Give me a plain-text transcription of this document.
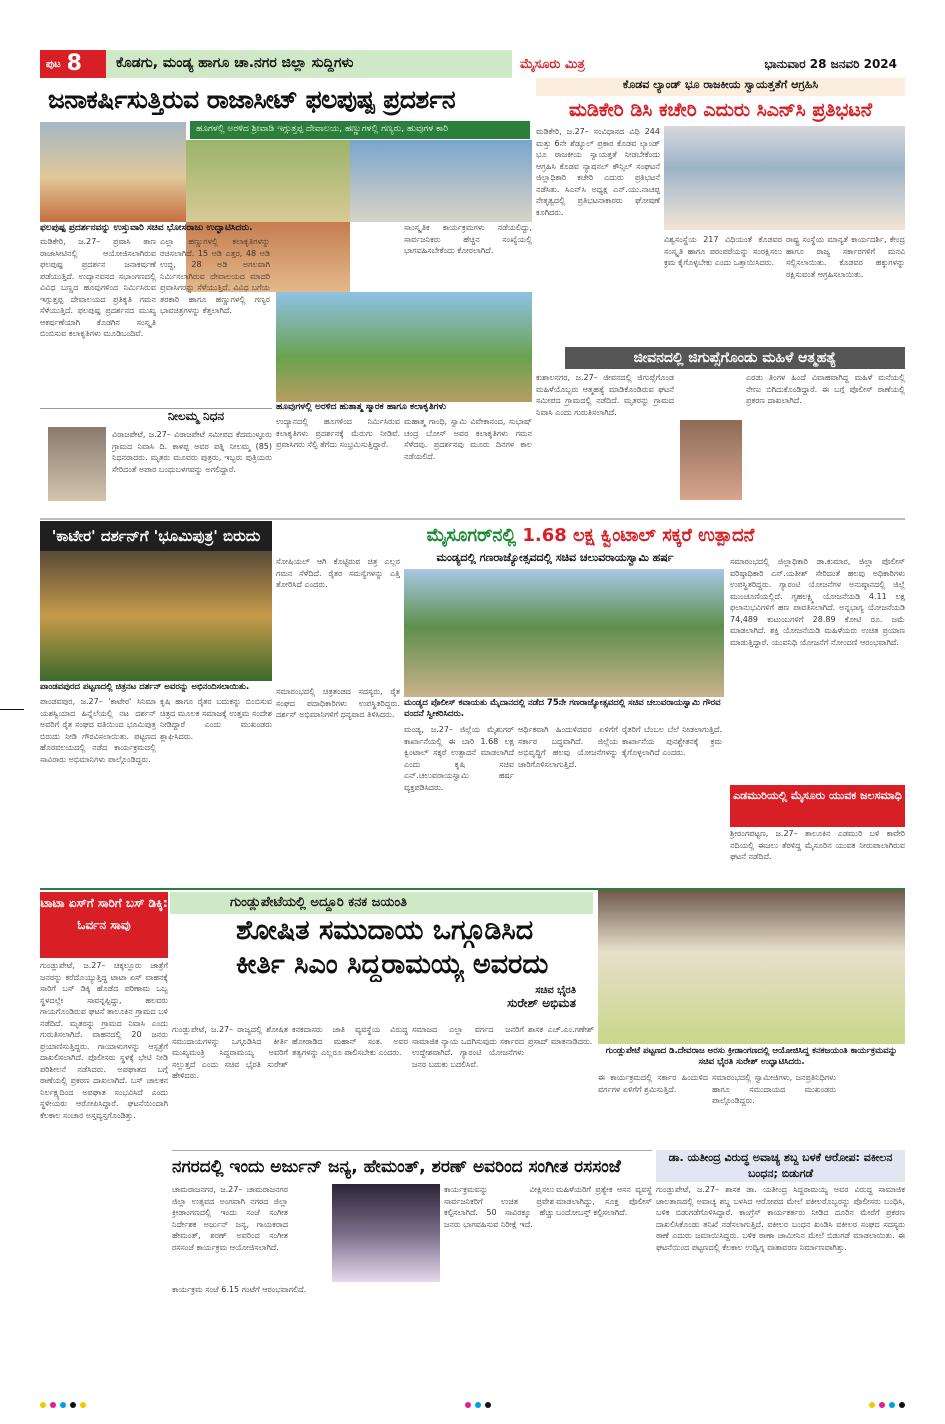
ಪುಟ 8	ಕೊಡಗು, ಮಂಡ್ಯ ಹಾಗೂ ಚಾ.ನಗರ ಜಿಲ್ಲಾ ಸುದ್ದಿಗಳು	ಮೈಸೂರು ಮಿತ್ರ	ಭಾನುವಾರ 28 ಜನವರಿ 2024
ಜನಾಕರ್ಷಿಸುತ್ತಿರುವ ರಾಜಾಸೀಟ್ ಫಲಪುಷ್ಪ ಪ್ರದರ್ಶನ
ಹೂಗಳಲ್ಲಿ ಅರಳಿದ ಶ್ರೀವಾಡಿ ಇಗ್ಗುತ್ತಪ್ಪ ದೇವಾಲಯ, ಹಣ್ಣುಗಳಲ್ಲಿ ಗಣ್ಯರು, ಹುವುಗಳ ಕಾರಿ
ಫಲಪುಷ್ಪ ಪ್ರದರ್ಶನವನ್ನು ಉಸ್ತುವಾರಿ ಸಚಿವ ಭೋಸರಾಜು ಉದ್ಘಾಟಿಸಿದರು.
ಹೂವುಗಳಲ್ಲಿ ಅರಳಿದ ಹುತಾತ್ಮ ಸ್ಮಾರಕ ಹಾಗೂ ಕಲಾಕೃತಿಗಳು
ಮಡಿಕೇರಿ, ಜ.27– ಪ್ರವಾಸಿ ತಾಣ ರಾಜಾಸೀಟಿನಲ್ಲಿ ಆಯೋಜಿಸಲಾಗಿರುವ ಫಲಪುಷ್ಪ ಪ್ರದರ್ಶನ ಜನಾಕರ್ಷಣೆ ಪಡೆಯುತ್ತಿದೆ. ಉದ್ಯಾನವನದ ಸಭಾಂಗಣದಲ್ಲಿ ವಿವಿಧ ಬಣ್ಣದ ಹೂವುಗಳಿಂದ ನಿರ್ಮಿಸಿರುವ ಇಗ್ಗುತ್ತಪ್ಪ ದೇವಾಲಯದ ಪ್ರತಿಕೃತಿ ಗಮನ ಸೆಳೆಯುತ್ತಿದೆ. ಫಲಪುಷ್ಪ ಪ್ರದರ್ಶನದ ಮುಖ್ಯ ಆಕರ್ಷಣೆಯಾಗಿ ಕೊಡಗಿನ ಸಂಸ್ಕೃತಿ ಬಿಂಬಿಸುವ ಕಲಾಕೃತಿಗಳು ಮೂಡಿಬಂದಿವೆ.
ಎಲ್ಲಾ ಹಣ್ಣುಗಳಲ್ಲಿ ಕಲಾಕೃತಿಗಳನ್ನು ರಚಿಸಲಾಗಿದೆ. 15 ಅಡಿ ಎತ್ತರ, 48 ಅಡಿ ಉದ್ದ, 28 ಅಡಿ ಅಗಲವಾಗಿ ನಿರ್ಮಿಸಲಾಗಿರುವ ದೇವಾಲಯದ ಮಾದರಿ ಪ್ರವಾಸಿಗರನ್ನು ಸೆಳೆಯುತ್ತಿದೆ. ವಿವಿಧ ಬಗೆಯ ತರಕಾರಿ ಹಾಗೂ ಹಣ್ಣುಗಳಲ್ಲಿ ಗಣ್ಯರ ಭಾವಚಿತ್ರಗಳನ್ನು ಕೆತ್ತಲಾಗಿದೆ.
ಉದ್ಯಾನದಲ್ಲಿ ಹೂಗಳಿಂದ ನಿರ್ಮಿಸಿರುವ ಕಲಾಕೃತಿಗಳು ಪ್ರದರ್ಶನಕ್ಕೆ ಮೆರುಗು ನೀಡಿವೆ. ಪ್ರವಾಸಿಗರು ಸೆಲ್ಫಿ ತೆಗೆದು ಸಂಭ್ರಮಿಸುತ್ತಿದ್ದಾರೆ.
ಮಹಾತ್ಮ ಗಾಂಧಿ, ಸ್ವಾಮಿ ವಿವೇಕಾನಂದ, ಸುಭಾಷ್ ಚಂದ್ರ ಬೋಸ್ ಅವರ ಕಲಾಕೃತಿಗಳು ಗಮನ ಸೆಳೆದವು. ಪ್ರದರ್ಶನವು ಮೂರು ದಿನಗಳ ಕಾಲ ನಡೆಯಲಿದೆ.
ಸಾಂಸ್ಕೃತಿಕ ಕಾರ್ಯಕ್ರಮಗಳು ನಡೆಯಲಿದ್ದು, ಸಾರ್ವಜನಿಕರು ಹೆಚ್ಚಿನ ಸಂಖ್ಯೆಯಲ್ಲಿ ಭಾಗವಹಿಸಬೇಕೆಂದು ಕೋರಲಾಗಿದೆ.
ನೀಲಮ್ಮ ನಿಧನ
ವಿರಾಜಪೇಟೆ, ಜ.27– ವಿರಾಜಪೇಟೆ ಸಮೀಪದ ಕೆದಮುಳ್ಳೂರು ಗ್ರಾಮದ ನಿವಾಸಿ ದಿ. ಕಾಳಪ್ಪ ಅವರ ಪತ್ನಿ ನೀಲಮ್ಮ (85) ನಿಧನರಾದರು. ಮೃತರು ಮೂವರು ಪುತ್ರರು, ಇಬ್ಬರು ಪುತ್ರಿಯರು ಸೇರಿದಂತೆ ಅಪಾರ ಬಂಧುಬಳಗವನ್ನು ಅಗಲಿದ್ದಾರೆ.
ಕೊಡವ ಲ್ಯಾಂಡ್ ಭೂ ರಾಜಕೀಯ ಸ್ವಾಯತ್ತತೆಗೆ ಆಗ್ರಹಿಸಿ
ಮಡಿಕೇರಿ ಡಿಸಿ ಕಚೇರಿ ಎದುರು ಸಿಎನ್‌ಸಿ ಪ್ರತಿಭಟನೆ
ಮಡಿಕೇರಿ, ಜ.27– ಸಂವಿಧಾನದ ವಿಧಿ 244 ಮತ್ತು 6ನೇ ಶೆಡ್ಯೂಲ್ ಪ್ರಕಾರ ಕೊಡವ ಲ್ಯಾಂಡ್ ಭೂ ರಾಜಕೀಯ ಸ್ವಾಯತ್ತತೆ ನೀಡಬೇಕೆಂದು ಆಗ್ರಹಿಸಿ ಕೊಡವ ನ್ಯಾಷನಲ್ ಕೌನ್ಸಿಲ್ ಸಂಘಟನೆ ಜಿಲ್ಲಾಧಿಕಾರಿ ಕಚೇರಿ ಎದುರು ಪ್ರತಿಭಟನೆ ನಡೆಸಿತು. ಸಿಎನ್‌ಸಿ ಅಧ್ಯಕ್ಷ ಎನ್.ಯು.ನಾಚಪ್ಪ ನೇತೃತ್ವದಲ್ಲಿ ಪ್ರತಿಭಟನಾಕಾರರು ಘೋಷಣೆ ಕೂಗಿದರು.
ವಿಶ್ವಸಂಸ್ಥೆಯ 217 ವಿಧಿಯಂತೆ ಕೊಡವರ ಸಂಸ್ಕೃತಿ ಹಾಗೂ ಪರಂಪರೆಯನ್ನು ಸಂರಕ್ಷಿಸಲು ಕ್ರಮ ಕೈಗೊಳ್ಳಬೇಕು ಎಂದು ಒತ್ತಾಯಿಸಿದರು.
ರಾಷ್ಟ್ರ ಸಂಸ್ಥೆಯ ಮಾನ್ಯತೆ ಕಾರ್ಯದರ್ಶಿ, ಕೇಂದ್ರ ಹಾಗೂ ರಾಜ್ಯ ಸರ್ಕಾರಗಳಿಗೆ ಮನವಿ ಸಲ್ಲಿಸಲಾಯಿತು. ಕೊಡವರ ಹಕ್ಕುಗಳನ್ನು ರಕ್ಷಿಸುವಂತೆ ಆಗ್ರಹಿಸಲಾಯಿತು.
ಜೀವನದಲ್ಲಿ ಜಿಗುಪ್ಸೆಗೊಂಡು ಮಹಿಳೆ ಆತ್ಮಹತ್ಯೆ
ಕುಶಾಲನಗರ, ಜ.27– ಜೀವನದಲ್ಲಿ ಜಿಗುಪ್ಸೆಗೊಂಡ ಮಹಿಳೆಯೊಬ್ಬರು ಆತ್ಮಹತ್ಯೆ ಮಾಡಿಕೊಂಡಿರುವ ಘಟನೆ ಸಮೀಪದ ಗ್ರಾಮದಲ್ಲಿ ನಡೆದಿದೆ. ಮೃತರನ್ನು ಗ್ರಾಮದ ನಿವಾಸಿ ಎಂದು ಗುರುತಿಸಲಾಗಿದೆ.
ಎರಡು ತಿಂಗಳ ಹಿಂದೆ ವಿವಾಹವಾಗಿದ್ದ ಮಹಿಳೆ ಮನೆಯಲ್ಲಿ ನೇಣು ಬಿಗಿದುಕೊಂಡಿದ್ದಾರೆ. ಈ ಬಗ್ಗೆ ಪೊಲೀಸ್ ಠಾಣೆಯಲ್ಲಿ ಪ್ರಕರಣ ದಾಖಲಾಗಿದೆ.
'ಕಾಟೇರ' ದರ್ಶನ್‌ಗೆ 'ಭೂಮಿಪುತ್ರ' ಬಿರುದು
ಪಾಂಡವಪುರದ ಪಟ್ಟಣದಲ್ಲಿ ಚಿತ್ರನಟ ದರ್ಶನ್ ಅವರನ್ನು ಅಭಿನಂದಿಸಲಾಯಿತು.
ಪಾಂಡವಪುರ, ಜ.27– 'ಕಾಟೇರ' ಸಿನಿಮಾ ಯಶಸ್ವಿಯಾದ ಹಿನ್ನೆಲೆಯಲ್ಲಿ ನಟ ದರ್ಶನ್ ಅವರಿಗೆ ರೈತ ಸಂಘದ ವತಿಯಿಂದ ಭೂಮಿಪುತ್ರ ಬಿರುದು ನೀಡಿ ಗೌರವಿಸಲಾಯಿತು. ಪಟ್ಟಣದ ಹೊರವಲಯದಲ್ಲಿ ನಡೆದ ಕಾರ್ಯಕ್ರಮದಲ್ಲಿ ಸಾವಿರಾರು ಅಭಿಮಾನಿಗಳು ಪಾಲ್ಗೊಂಡಿದ್ದರು.
ಕೃಷಿ ಹಾಗೂ ರೈತರ ಬದುಕನ್ನು ಬಿಂಬಿಸುವ ಚಿತ್ರದ ಮೂಲಕ ಸಮಾಜಕ್ಕೆ ಉತ್ತಮ ಸಂದೇಶ ನೀಡಿದ್ದಾರೆ ಎಂದು ಮುಖಂಡರು ಶ್ಲಾಘಿಸಿದರು.
ಸೋಷಿಯಲ್ ಆಗಿ ಕೊಟ್ಟಿರುವ ಚಿತ್ರ ಎಲ್ಲರ ಗಮನ ಸೆಳೆದಿದೆ. ರೈತರ ಸಮಸ್ಯೆಗಳನ್ನು ಎತ್ತಿ ತೋರಿಸಿದೆ ಎಂದರು.
ಸಮಾರಂಭದಲ್ಲಿ ಚಿತ್ರತಂಡದ ಸದಸ್ಯರು, ರೈತ ಸಂಘದ ಪದಾಧಿಕಾರಿಗಳು ಉಪಸ್ಥಿತರಿದ್ದರು. ದರ್ಶನ್ ಅಭಿಮಾನಿಗಳಿಗೆ ಧನ್ಯವಾದ ತಿಳಿಸಿದರು.
ಮೈಸೂಗರ್‌ನಲ್ಲಿ 1.68 ಲಕ್ಷ ಕ್ವಿಂಟಾಲ್ ಸಕ್ಕರೆ ಉತ್ಪಾದನೆ
ಮಂಡ್ಯದಲ್ಲಿ ಗಣರಾಜ್ಯೋತ್ಸವದಲ್ಲಿ ಸಚಿವ ಚಲುವರಾಯಸ್ವಾಮಿ ಹರ್ಷ
ಮಂಡ್ಯದ ಪೊಲೀಸ್ ಕವಾಯತು ಮೈದಾನದಲ್ಲಿ ನಡೆದ 75ನೇ ಗಣರಾಜ್ಯೋತ್ಸವದಲ್ಲಿ ಸಚಿವ ಚಲುವರಾಯಸ್ವಾಮಿ ಗೌರವ ವಂದನೆ ಸ್ವೀಕರಿಸಿದರು.
ಮಂಡ್ಯ, ಜ.27– ಜಿಲ್ಲೆಯ ಮೈಶುಗರ್ ಕಾರ್ಖಾನೆಯಲ್ಲಿ ಈ ಬಾರಿ 1.68 ಲಕ್ಷ ಕ್ವಿಂಟಾಲ್ ಸಕ್ಕರೆ ಉತ್ಪಾದನೆ ಮಾಡಲಾಗಿದೆ ಎಂದು ಕೃಷಿ ಸಚಿವ ಎನ್.ಚಲುವರಾಯಸ್ವಾಮಿ ಹರ್ಷ ವ್ಯಕ್ತಪಡಿಸಿದರು.
ಆರ್ಥಿಕವಾಗಿ ಹಿಂದುಳಿದವರ ಏಳಿಗೆಗೆ ಸರ್ಕಾರ ಬದ್ಧವಾಗಿದೆ. ಜಿಲ್ಲೆಯ ಅಭಿವೃದ್ಧಿಗೆ ಹಲವು ಯೋಜನೆಗಳನ್ನು ಜಾರಿಗೊಳಿಸಲಾಗುತ್ತಿದೆ.
ರೈತರಿಗೆ ಬೆಂಬಲ ಬೆಲೆ ನೀಡಲಾಗುತ್ತಿದೆ. ಕಾರ್ಖಾನೆಯ ಪುನಶ್ಚೇತನಕ್ಕೆ ಕ್ರಮ ಕೈಗೊಳ್ಳಲಾಗಿದೆ ಎಂದರು.
ಸಮಾರಂಭದಲ್ಲಿ ಜಿಲ್ಲಾಧಿಕಾರಿ ಡಾ.ಕುಮಾರ, ಜಿಲ್ಲಾ ಪೊಲೀಸ್ ವರಿಷ್ಠಾಧಿಕಾರಿ ಎನ್.ಯತೀಶ್ ಸೇರಿದಂತೆ ಹಲವು ಅಧಿಕಾರಿಗಳು ಉಪಸ್ಥಿತರಿದ್ದರು. ಗ್ಯಾರಂಟಿ ಯೋಜನೆಗಳ ಅನುಷ್ಠಾನದಲ್ಲಿ ಜಿಲ್ಲೆ ಮುಂಚೂಣಿಯಲ್ಲಿದೆ. ಗೃಹಲಕ್ಷ್ಮಿ ಯೋಜನೆಯಡಿ 4.11 ಲಕ್ಷ ಫಲಾನುಭವಿಗಳಿಗೆ ಹಣ ಪಾವತಿಸಲಾಗಿದೆ. ಅನ್ನಭಾಗ್ಯ ಯೋಜನೆಯಡಿ 74,489 ಕುಟುಂಬಗಳಿಗೆ 28.89 ಕೋಟಿ ರೂ. ಜಮೆ ಮಾಡಲಾಗಿದೆ. ಶಕ್ತಿ ಯೋಜನೆಯಡಿ ಮಹಿಳೆಯರು ಉಚಿತ ಪ್ರಯಾಣ ಮಾಡುತ್ತಿದ್ದಾರೆ. ಯುವನಿಧಿ ಯೋಜನೆಗೆ ನೋಂದಣಿ ಆರಂಭವಾಗಿದೆ.
ಎಡಮುರಿಯಲ್ಲಿ ಮೈಸೂರು ಯುವಕ ಜಲಸಮಾಧಿ
ಶ್ರೀರಂಗಪಟ್ಟಣ, ಜ.27– ತಾಲೂಕಿನ ಎಡಮುರಿ ಬಳಿ ಕಾವೇರಿ ನದಿಯಲ್ಲಿ ಈಜಲು ತೆರಳಿದ್ದ ಮೈಸೂರಿನ ಯುವಕ ನೀರುಪಾಲಾಗಿರುವ ಘಟನೆ ನಡೆದಿದೆ.
ಟಾಟಾ ಏಸ್‌ಗೆ ಸಾರಿಗೆ ಬಸ್ ಡಿಕ್ಕಿ: ಓರ್ವನ ಸಾವು
ಗುಂಡ್ಲುಪೇಟೆ, ಜ.27– ಚಿಕ್ಕಲ್ಲೂರು ಜಾತ್ರೆಗೆ ಜನರನ್ನು ಕರೆದೊಯ್ಯುತ್ತಿದ್ದ ಟಾಟಾ ಏಸ್ ವಾಹನಕ್ಕೆ ಸಾರಿಗೆ ಬಸ್ ಡಿಕ್ಕಿ ಹೊಡೆದ ಪರಿಣಾಮ ಒಬ್ಬ ಸ್ಥಳದಲ್ಲೇ ಸಾವನ್ನಪ್ಪಿದ್ದು, ಹಲವರು ಗಾಯಗೊಂಡಿರುವ ಘಟನೆ ತಾಲೂಕಿನ ಗ್ರಾಮದ ಬಳಿ ನಡೆದಿದೆ. ಮೃತರನ್ನು ಗ್ರಾಮದ ನಿವಾಸಿ ಎಂದು ಗುರುತಿಸಲಾಗಿದೆ. ವಾಹನದಲ್ಲಿ 20 ಜನರು ಪ್ರಯಾಣಿಸುತ್ತಿದ್ದರು. ಗಾಯಾಳುಗಳನ್ನು ಆಸ್ಪತ್ರೆಗೆ ದಾಖಲಿಸಲಾಗಿದೆ. ಪೊಲೀಸರು ಸ್ಥಳಕ್ಕೆ ಭೇಟಿ ನೀಡಿ ಪರಿಶೀಲನೆ ನಡೆಸಿದರು. ಅಪಘಾತದ ಬಗ್ಗೆ ಠಾಣೆಯಲ್ಲಿ ಪ್ರಕರಣ ದಾಖಲಾಗಿದೆ. ಬಸ್ ಚಾಲಕನ ನಿರ್ಲಕ್ಷ್ಯದಿಂದ ಅಪಘಾತ ಸಂಭವಿಸಿದೆ ಎಂದು ಸ್ಥಳೀಯರು ಆರೋಪಿಸಿದ್ದಾರೆ. ಘಟನೆಯಿಂದಾಗಿ ಕೆಲಕಾಲ ಸಂಚಾರ ಅಸ್ತವ್ಯಸ್ತಗೊಂಡಿತ್ತು.
ಗುಂಡ್ಲುಪೇಟೆಯಲ್ಲಿ ಅದ್ದೂರಿ ಕನಕ ಜಯಂತಿ
ಶೋಷಿತ ಸಮುದಾಯ ಒಗ್ಗೂಡಿಸಿದ
ಕೀರ್ತಿ ಸಿಎಂ ಸಿದ್ದರಾಮಯ್ಯ ಅವರದು
ಸಚಿವ ಭೈರತಿ
ಸುರೇಶ್ ಅಭಿಮತ
ಗುಂಡ್ಲುಪೇಟೆ ಪಟ್ಟಣದ ಡಿ.ದೇವರಾಜ ಅರಸು ಕ್ರೀಡಾಂಗಣದಲ್ಲಿ ಆಯೋಜಿಸಿದ್ದ ಕನಕಜಯಂತಿ ಕಾರ್ಯಕ್ರಮವನ್ನು ಸಚಿವ ಭೈರತಿ ಸುರೇಶ್ ಉದ್ಘಾಟಿಸಿದರು.
ಗುಂಡ್ಲುಪೇಟೆ, ಜ.27– ರಾಜ್ಯದಲ್ಲಿ ಶೋಷಿತ ಸಮುದಾಯಗಳನ್ನು ಒಗ್ಗೂಡಿಸಿದ ಕೀರ್ತಿ ಮುಖ್ಯಮಂತ್ರಿ ಸಿದ್ದರಾಮಯ್ಯ ಅವರಿಗೆ ಸಲ್ಲುತ್ತದೆ ಎಂದು ಸಚಿವ ಭೈರತಿ ಸುರೇಶ್ ಹೇಳಿದರು.
ಕನಕದಾಸರು ಜಾತಿ ವ್ಯವಸ್ಥೆಯ ವಿರುದ್ಧ ಹೋರಾಡಿದ ಮಹಾನ್ ಸಂತ. ಅವರ ತತ್ವಗಳನ್ನು ಎಲ್ಲರೂ ಪಾಲಿಸಬೇಕು ಎಂದರು.
ಸಮಾಜದ ಎಲ್ಲಾ ವರ್ಗದ ಜನರಿಗೆ ಸಾಮಾಜಿಕ ನ್ಯಾಯ ಒದಗಿಸುವುದು ಸರ್ಕಾರದ ಉದ್ದೇಶವಾಗಿದೆ. ಗ್ಯಾರಂಟಿ ಯೋಜನೆಗಳು ಜನರ ಬದುಕು ಬದಲಿಸಿವೆ.
ಶಾಸಕ ಎಚ್.ಎಂ.ಗಣೇಶ್ ಪ್ರಸಾದ್ ಮಾತನಾಡಿದರು.
ಈ ಕಾರ್ಯಕ್ರಮದಲ್ಲಿ ಸರ್ಕಾರ ಹಿಂದುಳಿದ ವರ್ಗಗಳ ಏಳಿಗೆಗೆ ಶ್ರಮಿಸುತ್ತಿದೆ.
ಸಮಾರಂಭದಲ್ಲಿ ಸ್ವಾಮೀಜಿಗಳು, ಜನಪ್ರತಿನಿಧಿಗಳು ಹಾಗೂ ಸಮುದಾಯದ ಮುಖಂಡರು ಪಾಲ್ಗೊಂಡಿದ್ದರು.
ನಗರದಲ್ಲಿ ಇಂದು ಅರ್ಜುನ್ ಜನ್ಯ, ಹೇಮಂತ್, ಶರಣ್ ಅವರಿಂದ ಸಂಗೀತ ರಸಸಂಜೆ
ಚಾಮರಾಜನಗರ, ಜ.27– ಚಾಮರಾಜನಗರ ಜಿಲ್ಲಾ ಉತ್ಸವದ ಅಂಗವಾಗಿ ನಗರದ ಜಿಲ್ಲಾ ಕ್ರೀಡಾಂಗಣದಲ್ಲಿ ಇಂದು ಸಂಜೆ ಸಂಗೀತ ನಿರ್ದೇಶಕ ಅರ್ಜುನ್ ಜನ್ಯ, ಗಾಯಕರಾದ ಹೇಮಂತ್, ಶರಣ್ ಅವರಿಂದ ಸಂಗೀತ ರಸಸಂಜೆ ಕಾರ್ಯಕ್ರಮ ಆಯೋಜಿಸಲಾಗಿದೆ.
ಕಾರ್ಯಕ್ರಮವನ್ನು ವೀಕ್ಷಿಸಲು ಸಾರ್ವಜನಿಕರಿಗೆ ಉಚಿತ ಪ್ರವೇಶ ಕಲ್ಪಿಸಲಾಗಿದೆ. 50 ಸಾವಿರಕ್ಕೂ ಹೆಚ್ಚು ಜನರು ಭಾಗವಹಿಸುವ ನಿರೀಕ್ಷೆ ಇದೆ.
ಮಹಿಳೆಯರಿಗೆ ಪ್ರತ್ಯೇಕ ಆಸನ ವ್ಯವಸ್ಥೆ ಮಾಡಲಾಗಿದ್ದು, ಸೂಕ್ತ ಪೊಲೀಸ್ ಬಂದೋಬಸ್ತ್ ಕಲ್ಪಿಸಲಾಗಿದೆ.
ಕಾರ್ಯಕ್ರಮ ಸಂಜೆ 6.15 ಗಂಟೆಗೆ ಆರಂಭವಾಗಲಿದೆ.
ಡಾ. ಯತೀಂದ್ರ ವಿರುದ್ಧ ಅವಾಚ್ಯ ಶಬ್ದ ಬಳಕೆ ಆರೋಪ: ವಕೀಲನ ಬಂಧನ; ಬಿಡುಗಡೆ
ಗುಂಡ್ಲುಪೇಟೆ, ಜ.27– ಶಾಸಕ ಡಾ. ಯತೀಂದ್ರ ಸಿದ್ದರಾಮಯ್ಯ ಅವರ ವಿರುದ್ಧ ಸಾಮಾಜಿಕ ಜಾಲತಾಣದಲ್ಲಿ ಅವಾಚ್ಯ ಶಬ್ದ ಬಳಸಿದ ಆರೋಪದ ಮೇಲೆ ವಕೀಲರೊಬ್ಬರನ್ನು ಪೊಲೀಸರು ಬಂಧಿಸಿ, ಬಳಿಕ ಬಿಡುಗಡೆಗೊಳಿಸಿದ್ದಾರೆ. ಕಾಂಗ್ರೆಸ್ ಕಾರ್ಯಕರ್ತರು ನೀಡಿದ ದೂರಿನ ಮೇರೆಗೆ ಪ್ರಕರಣ ದಾಖಲಿಸಿಕೊಂಡು ತನಿಖೆ ನಡೆಸಲಾಗುತ್ತಿದೆ. ವಕೀಲರ ಬಂಧನ ಖಂಡಿಸಿ ವಕೀಲರ ಸಂಘದ ಸದಸ್ಯರು ಠಾಣೆ ಎದುರು ಜಮಾಯಿಸಿದ್ದರು. ಬಳಿಕ ಠಾಣಾ ಜಾಮೀನಿನ ಮೇಲೆ ಬಿಡುಗಡೆ ಮಾಡಲಾಯಿತು. ಈ ಘಟನೆಯಿಂದ ಪಟ್ಟಣದಲ್ಲಿ ಕೆಲಕಾಲ ಉದ್ವಿಗ್ನ ವಾತಾವರಣ ನಿರ್ಮಾಣವಾಗಿತ್ತು.
